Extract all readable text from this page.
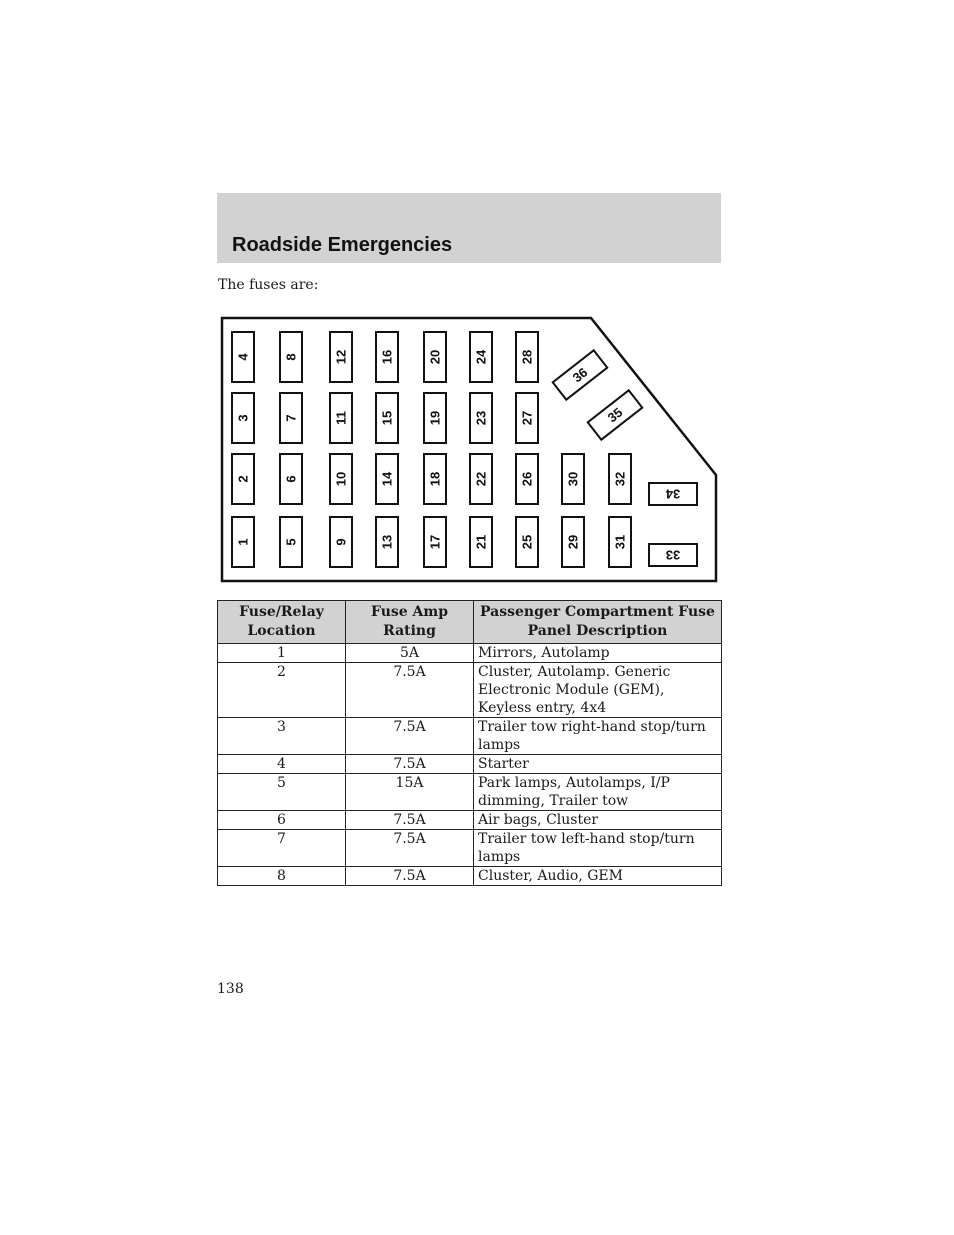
Roadside Emergencies

The fuses are:

4
3
2
1
8
7
6
5
12
11
10
9
16
15
14
13
20
19
18
17
24
23
22
21
28
27
26
25
30
29
32
31
34
33
36
35
Fuse/Relay Location	Fuse Amp Rating	Passenger Compartment Fuse Panel Description
1	5A	Mirrors, Autolamp
2	7.5A	Cluster, Autolamp. Generic Electronic Module (GEM), Keyless entry, 4x4
3	7.5A	Trailer tow right-hand stop/turn lamps
4	7.5A	Starter
5	15A	Park lamps, Autolamps, I/P dimming, Trailer tow
6	7.5A	Air bags, Cluster
7	7.5A	Trailer tow left-hand stop/turn lamps
8	7.5A	Cluster, Audio, GEM

138
